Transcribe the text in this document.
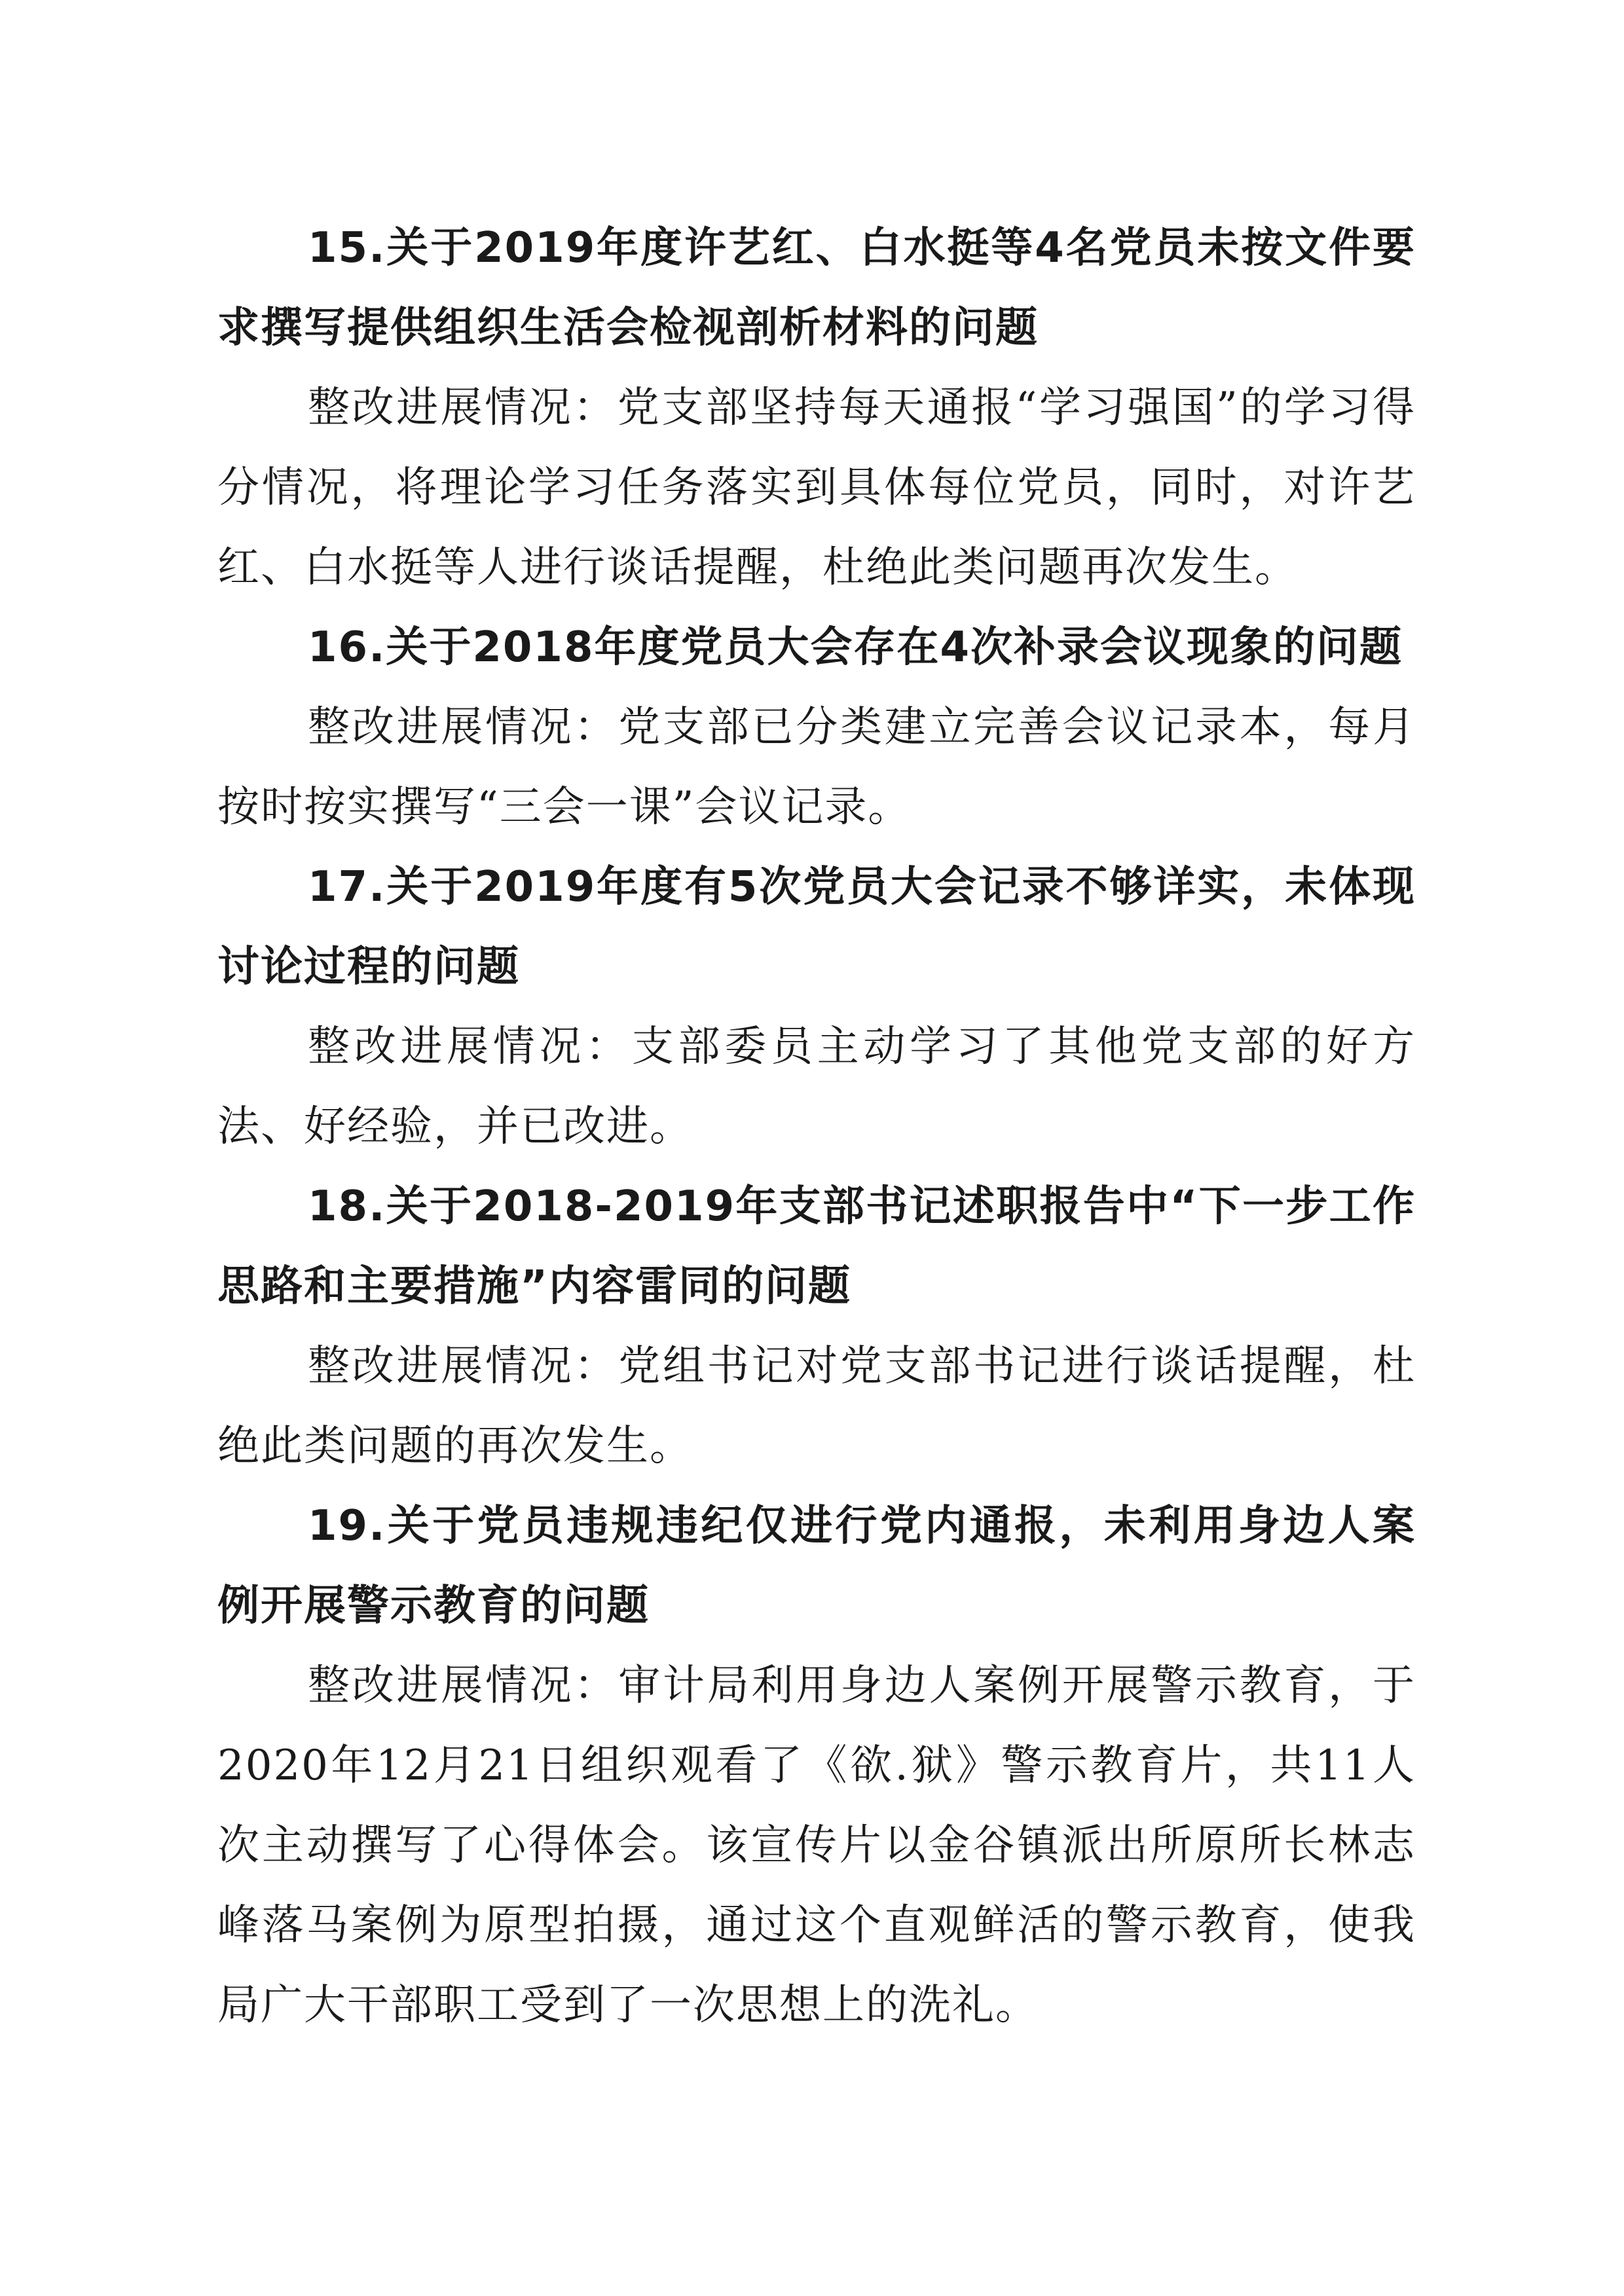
15.关于2019年度许艺红、白水挺等4名党员未按文件要求撰写提供组织生活会检视剖析材料的问题

整改进展情况：党支部坚持每天通报“学习强国”的学习得分情况，将理论学习任务落实到具体每位党员，同时，对许艺红、白水挺等人进行谈话提醒，杜绝此类问题再次发生。

16.关于2018年度党员大会存在4次补录会议现象的问题

整改进展情况：党支部已分类建立完善会议记录本，每月按时按实撰写“三会一课”会议记录。

17.关于2019年度有5次党员大会记录不够详实，未体现讨论过程的问题

整改进展情况：支部委员主动学习了其他党支部的好方法、好经验，并已改进。

18.关于2018-2019年支部书记述职报告中“下一步工作思路和主要措施”内容雷同的问题

整改进展情况：党组书记对党支部书记进行谈话提醒，杜绝此类问题的再次发生。

19.关于党员违规违纪仅进行党内通报，未利用身边人案例开展警示教育的问题

整改进展情况：审计局利用身边人案例开展警示教育，于2020年12月21日组织观看了《欲.狱》警示教育片，共11人次主动撰写了心得体会。该宣传片以金谷镇派出所原所长林志峰落马案例为原型拍摄，通过这个直观鲜活的警示教育，使我局广大干部职工受到了一次思想上的洗礼。
